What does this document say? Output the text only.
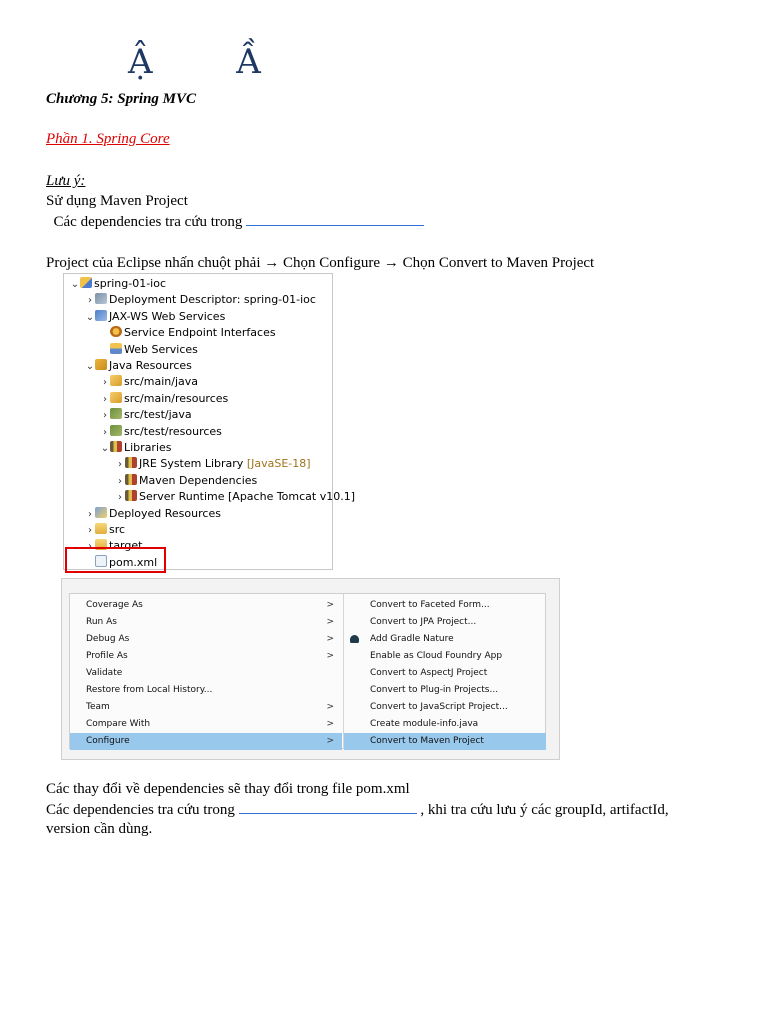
Ậ Ầ
Chương 5: Spring MVC
Phần 1. Spring Core
Lưu ý:
Sử dụng Maven Project
Các dependencies tra cứu trong
Project của Eclipse nhấn chuột phải → Chọn Configure → Chọn Convert to Maven Project
⌄ spring-01-ioc
› Deployment Descriptor: spring-01-ioc
⌄ JAX-WS Web Services
Service Endpoint Interfaces
Web Services
⌄ Java Resources
› src/main/java
› src/main/resources
› src/test/java
› src/test/resources
⌄ Libraries
› JRE System Library [JavaSE-18]
› Maven Dependencies
› Server Runtime [Apache Tomcat v10.1]
› Deployed Resources
› src
› target
pom.xml
Coverage As	>
Run As	>
Debug As	>
Profile As	>
Validate
Restore from Local History...
Team	>
Compare With	>
Configure	>
Convert to Faceted Form...
Convert to JPA Project...
Add Gradle Nature
Enable as Cloud Foundry App
Convert to AspectJ Project
Convert to Plug-in Projects...
Convert to JavaScript Project...
Create module-info.java
Convert to Maven Project
Các thay đổi về dependencies sẽ thay đổi trong file pom.xml
Các dependencies tra cứu trong	, khi tra cứu lưu ý các groupId, artifactId,
version cần dùng.
